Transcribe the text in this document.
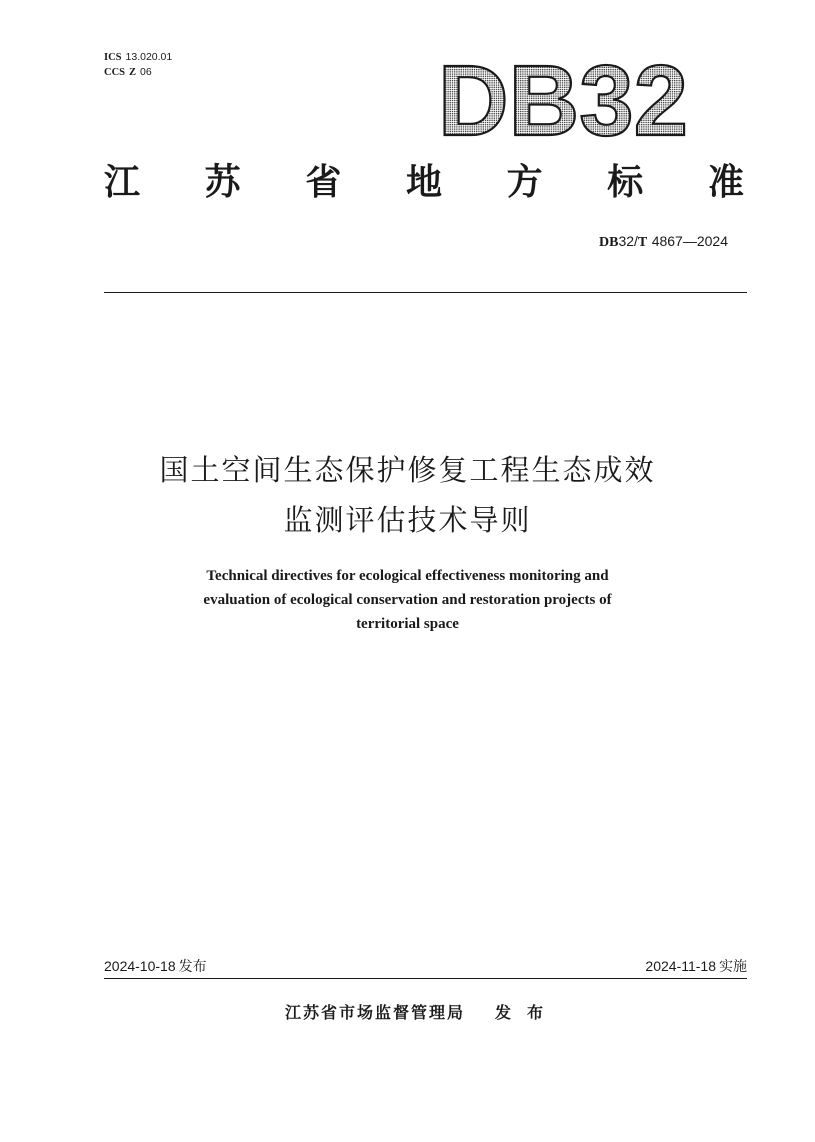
ICS 13.020.01
CCS Z 06	DB32
江 苏 省 地 方 标 准
DB32/T 4867—2024
国土空间生态保护修复工程生态成效
监测评估技术导则
Technical directives for ecological effectiveness monitoring and
evaluation of ecological conservation and restoration projects of
territorial space
2024-10-18 发布	2024-11-18 实施
江苏省市场监督管理局 发布
